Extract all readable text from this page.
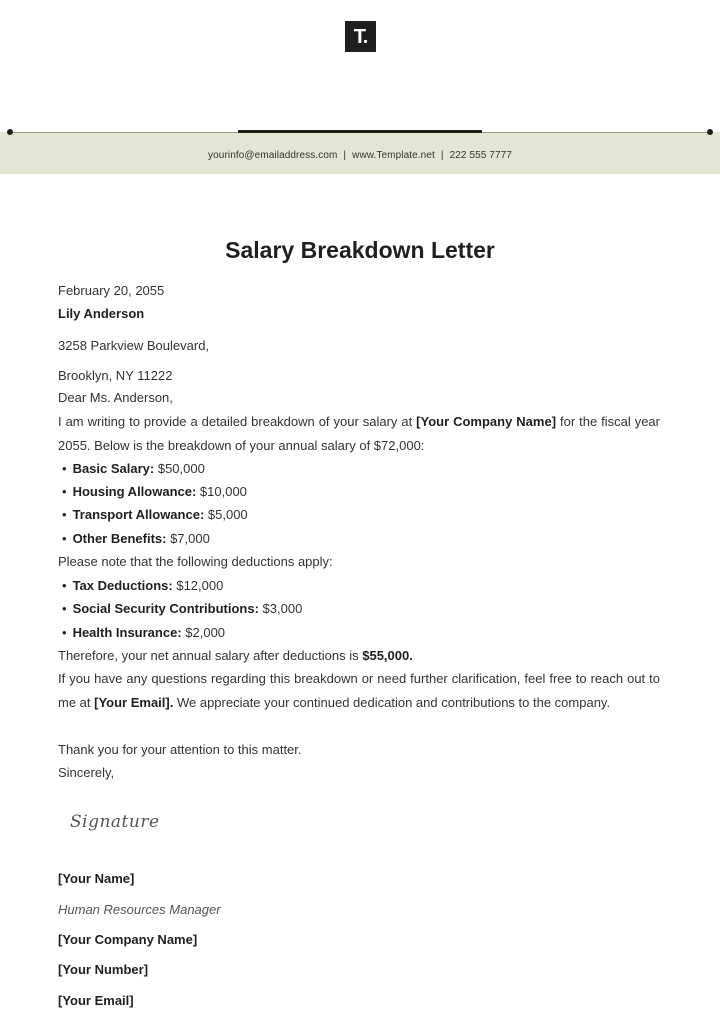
T.
yourinfo@emailaddress.com | www.Template.net | 222 555 7777
Salary Breakdown Letter
February 20, 2055
Lily Anderson
3258 Parkview Boulevard,
Brooklyn, NY 11222
Dear Ms. Anderson,
I am writing to provide a detailed breakdown of your salary at [Your Company Name] for the fiscal year 2055. Below is the breakdown of your annual salary of $72,000:
• Basic Salary: $50,000
• Housing Allowance: $10,000
• Transport Allowance: $5,000
• Other Benefits: $7,000
Please note that the following deductions apply:
• Tax Deductions: $12,000
• Social Security Contributions: $3,000
• Health Insurance: $2,000
Therefore, your net annual salary after deductions is $55,000.
If you have any questions regarding this breakdown or need further clarification, feel free to reach out to me at [Your Email]. We appreciate your continued dedication and contributions to the company.
Thank you for your attention to this matter.
Sincerely,
Signature
[Your Name]
Human Resources Manager
[Your Company Name]
[Your Number]
[Your Email]
